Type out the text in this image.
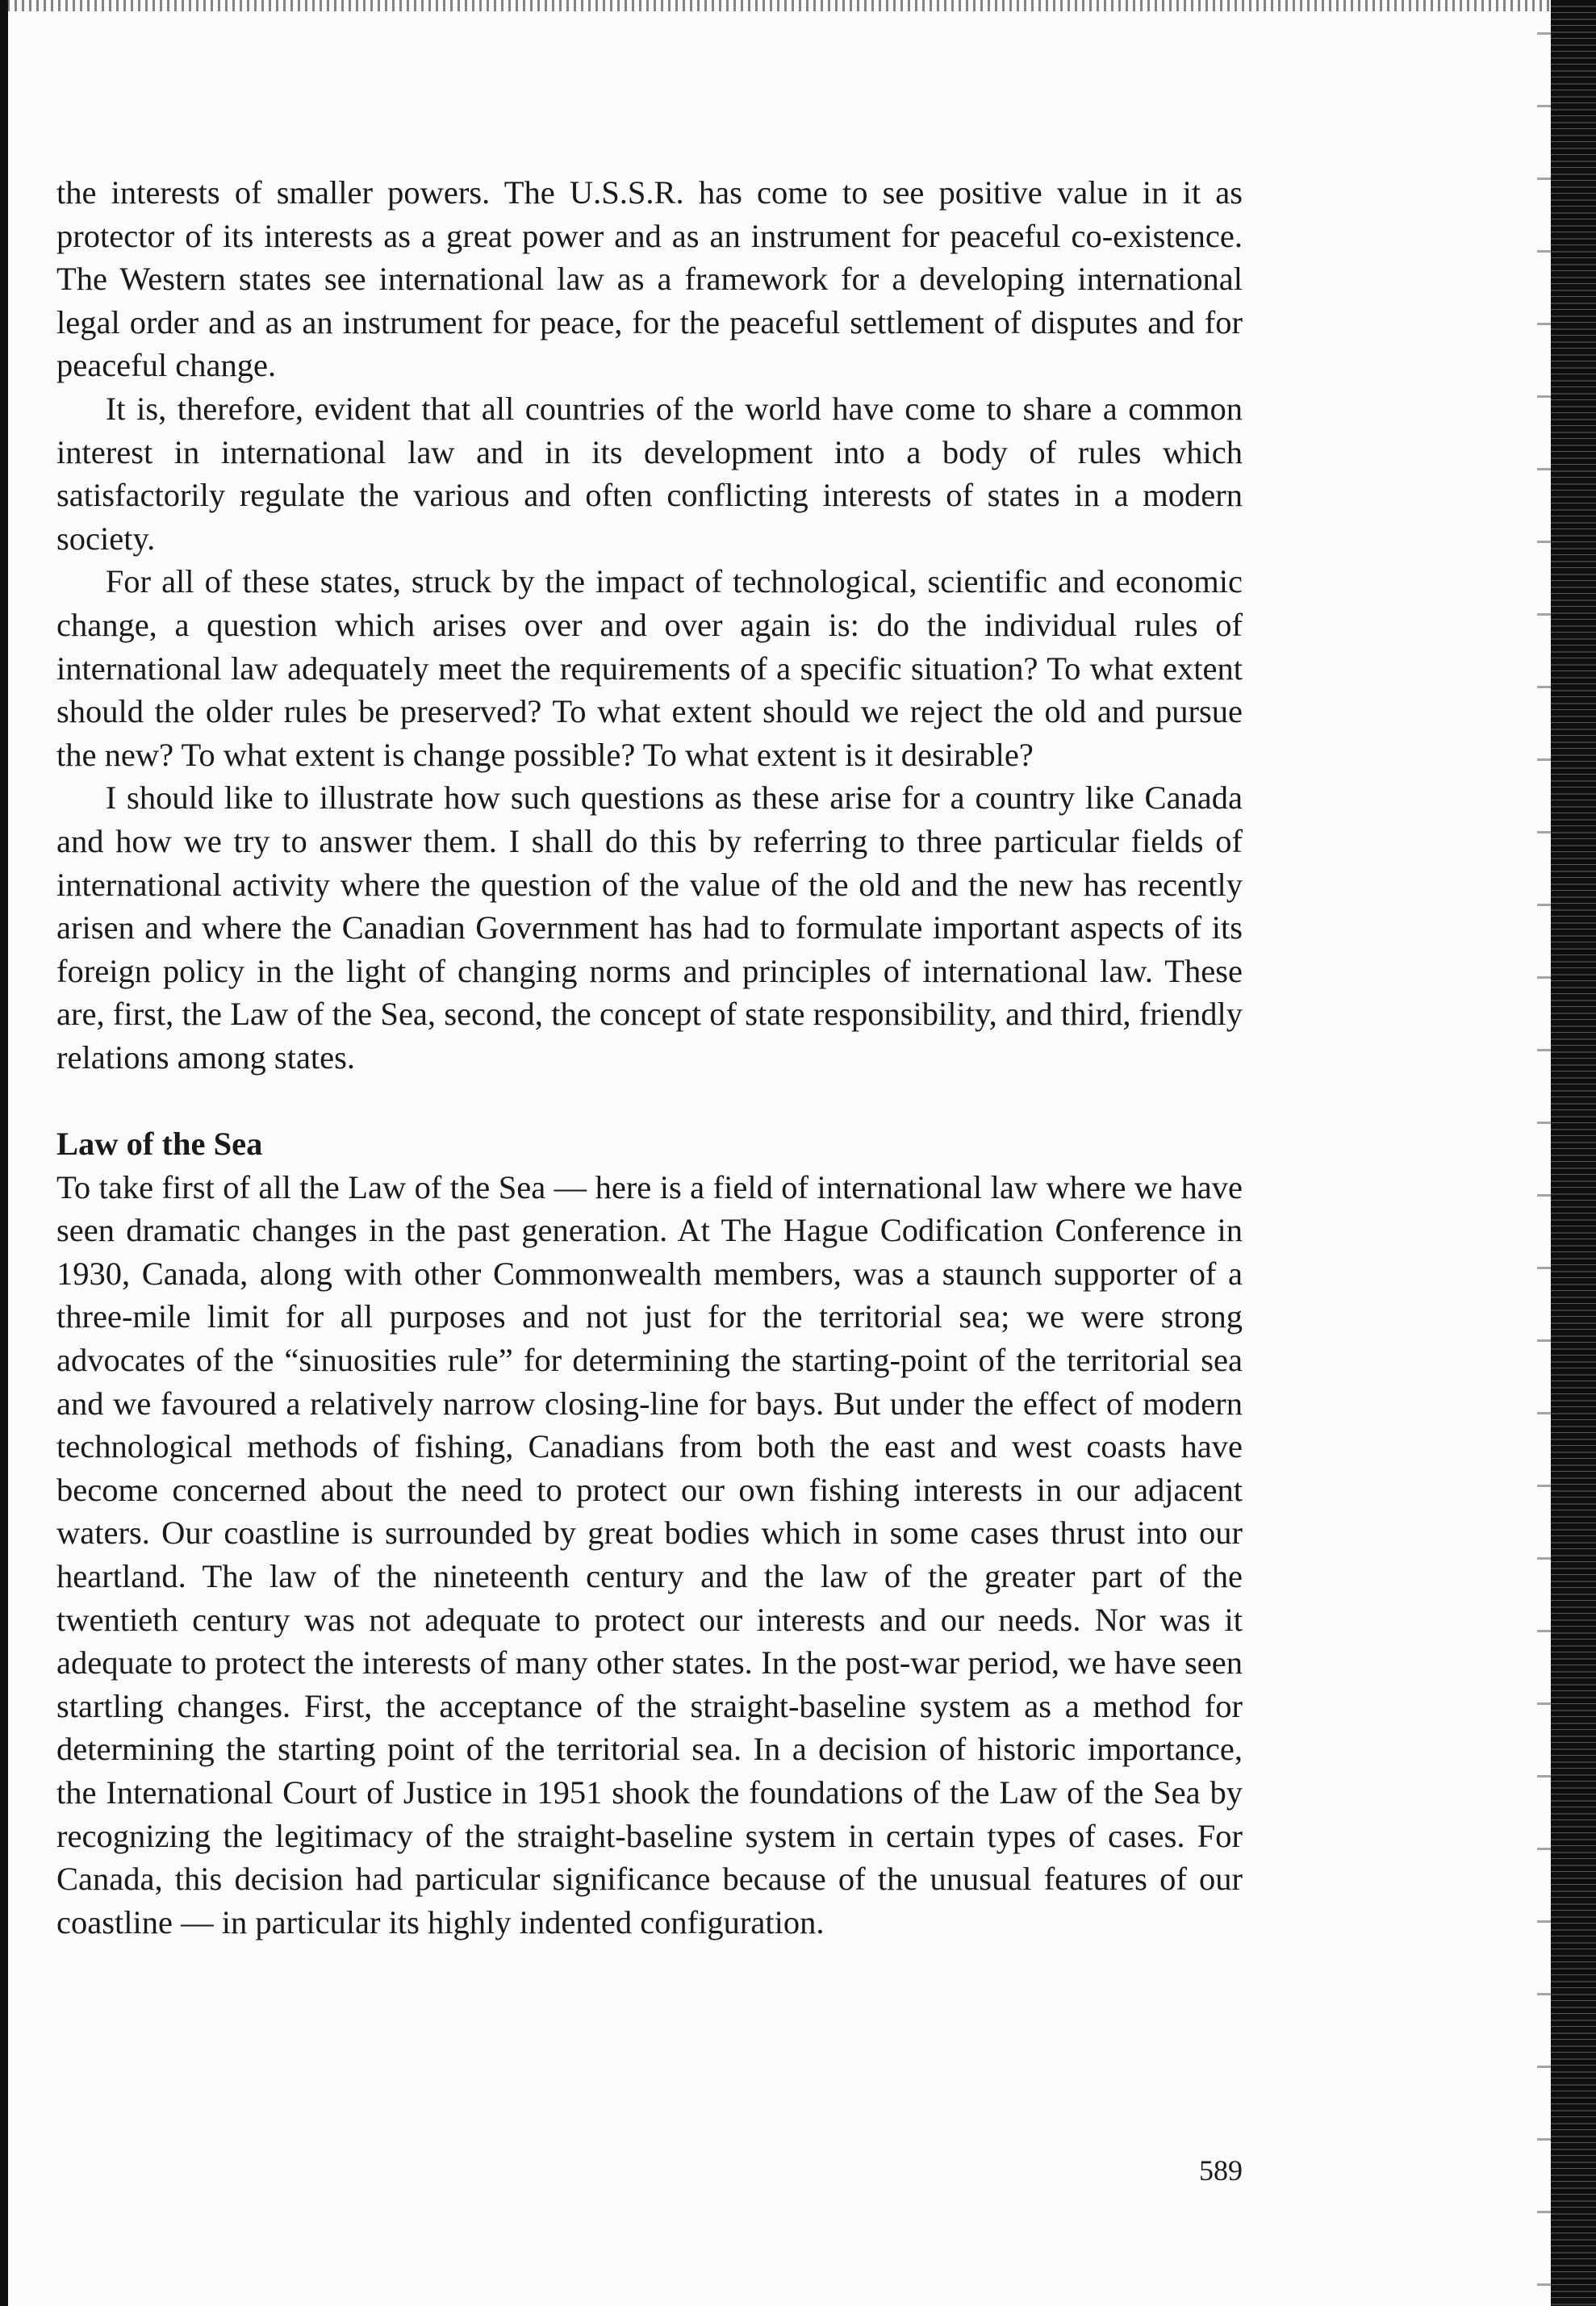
the interests of smaller powers. The U.S.S.R. has come to see positive value in it as protector of its interests as a great power and as an instrument for peaceful co-existence. The Western states see international law as a framework for a developing international legal order and as an instrument for peace, for the peaceful settlement of disputes and for peaceful change.

It is, therefore, evident that all countries of the world have come to share a common interest in international law and in its development into a body of rules which satisfactorily regulate the various and often conflicting interests of states in a modern society.

For all of these states, struck by the impact of technological, scientific and economic change, a question which arises over and over again is: do the individual rules of international law adequately meet the requirements of a specific situation? To what extent should the older rules be preserved? To what extent should we reject the old and pursue the new? To what extent is change possible? To what extent is it desirable?

I should like to illustrate how such questions as these arise for a country like Canada and how we try to answer them. I shall do this by referring to three particular fields of international activity where the question of the value of the old and the new has recently arisen and where the Canadian Government has had to formulate important aspects of its foreign policy in the light of changing norms and principles of international law. These are, first, the Law of the Sea, second, the concept of state responsibility, and third, friendly relations among states.

Law of the Sea

To take first of all the Law of the Sea — here is a field of international law where we have seen dramatic changes in the past generation. At The Hague Codification Conference in 1930, Canada, along with other Commonwealth members, was a staunch supporter of a three-mile limit for all purposes and not just for the territorial sea; we were strong advocates of the “sinuosities rule” for determining the starting-point of the territorial sea and we favoured a relatively narrow closing-line for bays. But under the effect of modern technological methods of fishing, Canadians from both the east and west coasts have become concerned about the need to protect our own fishing interests in our adjacent waters. Our coastline is surrounded by great bodies which in some cases thrust into our heartland. The law of the nineteenth century and the law of the greater part of the twentieth century was not adequate to protect our interests and our needs. Nor was it adequate to protect the interests of many other states. In the post-war period, we have seen startling changes. First, the acceptance of the straight-baseline system as a method for determining the starting point of the territorial sea. In a decision of historic importance, the International Court of Justice in 1951 shook the foundations of the Law of the Sea by recognizing the legitimacy of the straight-baseline system in certain types of cases. For Canada, this decision had particular significance because of the unusual features of our coastline — in particular its highly indented configuration.

589
